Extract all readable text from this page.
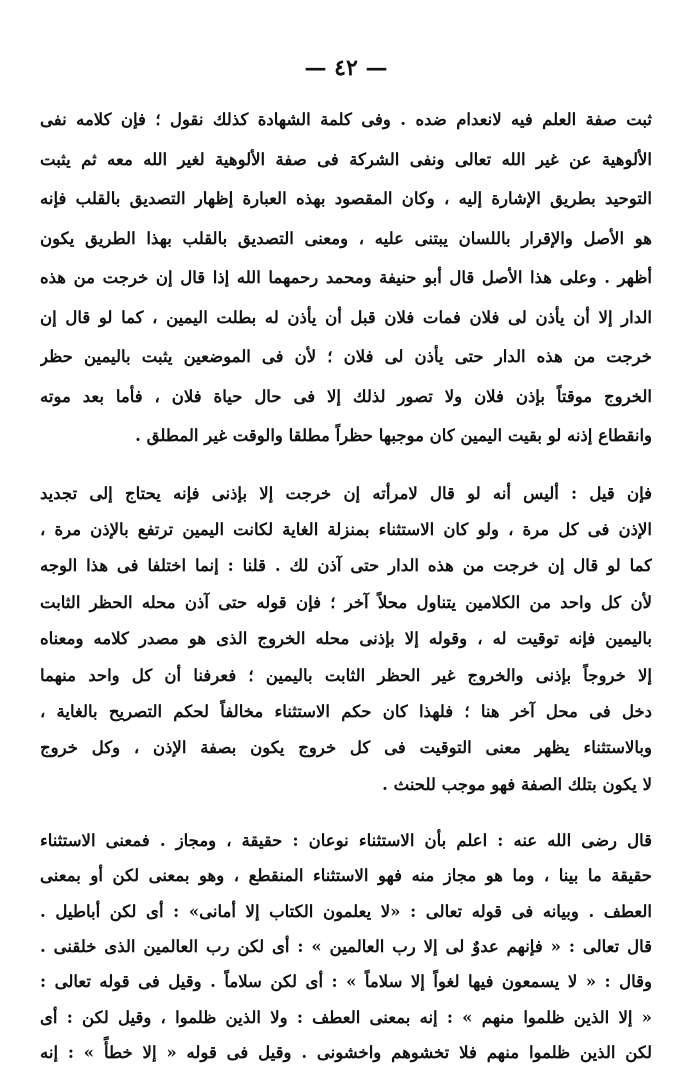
— ٤٢ —
ثبت صفة العلم فيه لانعدام ضده . وفى كلمة الشهادة كذلك نقول ؛ فإن كلامه نفى
الألوهية عن غير الله تعالى ونفى الشركة فى صفة الألوهية لغير الله معه ثم يثبت
التوحيد بطريق الإشارة إليه ، وكان المقصود بهذه العبارة إظهار التصديق بالقلب فإنه
هو الأصل والإقرار باللسان يبتنى عليه ، ومعنى التصديق بالقلب بهذا الطريق يكون
أظهر . وعلى هذا الأصل قال أبو حنيفة ومحمد رحمهما الله إذا قال إن خرجت من هذه
الدار إلا أن يأذن لى فلان فمات فلان قبل أن يأذن له بطلت اليمين ، كما لو قال إن
خرجت من هذه الدار حتى يأذن لى فلان ؛ لأن فى الموضعين يثبت باليمين حظر
الخروج موقتاً بإذن فلان ولا تصور لذلك إلا فى حال حياة فلان ، فأما بعد موته
وانقطاع إذنه لو بقيت اليمين كان موجبها حظراً مطلقا والوقت غير المطلق .
فإن قيل : أليس أنه لو قال لامرأته إن خرجت إلا بإذنى فإنه يحتاج إلى تجديد
الإذن فى كل مرة ، ولو كان الاستثناء بمنزلة الغاية لكانت اليمين ترتفع بالإذن مرة ،
كما لو قال إن خرجت من هذه الدار حتى آذن لك . قلنا : إنما اختلفا فى هذا الوجه
لأن كل واحد من الكلامين يتناول محلاً آخر ؛ فإن قوله حتى آذن محله الحظر الثابت
باليمين فإنه توقيت له ، وقوله إلا بإذنى محله الخروج الذى هو مصدر كلامه ومعناه
إلا خروجاً بإذنى والخروج غير الحظر الثابت باليمين ؛ فعرفنا أن كل واحد منهما
دخل فى محل آخر هنا ؛ فلهذا كان حكم الاستثناء مخالفاً لحكم التصريح بالغاية ،
وبالاستثناء يظهر معنى التوقيت فى كل خروج يكون بصفة الإذن ، وكل خروج
لا يكون بتلك الصفة فهو موجب للحنث .
قال رضى الله عنه : اعلم بأن الاستثناء نوعان : حقيقة ، ومجاز . فمعنى الاستثناء
حقيقة ما بينا ، وما هو مجاز منه فهو الاستثناء المنقطع ، وهو بمعنى لكن أو بمعنى
العطف . وبيانه فى قوله تعالى : «لا يعلمون الكتاب إلا أمانى» : أى لكن أباطيل .
قال تعالى : « فإنهم عدوٌ لى إلا رب العالمين » : أى لكن رب العالمين الذى خلقنى .
وقال : « لا يسمعون فيها لغواً إلا سلاماً » : أى لكن سلاماً . وقيل فى قوله تعالى :
« إلا الذين ظلموا منهم » : إنه بمعنى العطف : ولا الذين ظلموا ، وقيل لكن : أى
لكن الذين ظلموا منهم فلا تخشوهم واخشونى . وقيل فى قوله « إلا خطأً » : إنه
